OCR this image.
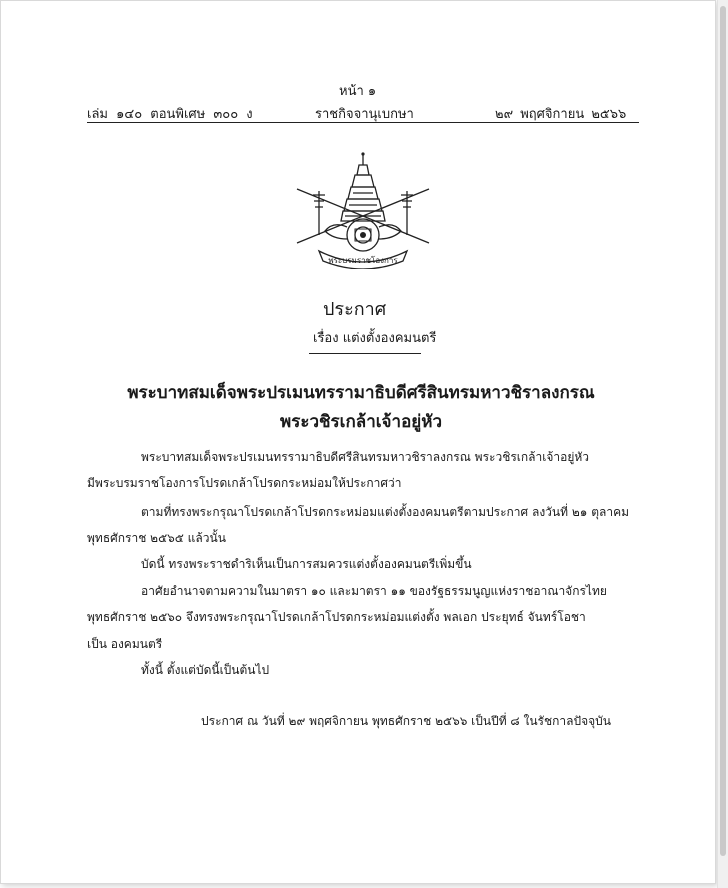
หน้า ๑
เล่ม ๑๔๐ ตอนพิเศษ ๓๐๐ ง	ราชกิจจานุเบกษา	๒๙ พฤศจิกายน ๒๕๖๖
พระบรมราชโองการ
ประกาศ
เรื่อง แต่งตั้งองคมนตรี
พระบาทสมเด็จพระปรเมนทรรามาธิบดีศรีสินทรมหาวชิราลงกรณ
พระวชิรเกล้าเจ้าอยู่หัว
พระบาทสมเด็จพระปรเมนทรรามาธิบดีศรีสินทรมหาวชิราลงกรณ พระวชิรเกล้าเจ้าอยู่หัว
มีพระบรมราชโองการโปรดเกล้าโปรดกระหม่อมให้ประกาศว่า
ตามที่ทรงพระกรุณาโปรดเกล้าโปรดกระหม่อมแต่งตั้งองคมนตรีตามประกาศ ลงวันที่ ๒๑ ตุลาคม
พุทธศักราช ๒๕๖๕ แล้วนั้น
บัดนี้ ทรงพระราชดำริเห็นเป็นการสมควรแต่งตั้งองคมนตรีเพิ่มขึ้น
อาศัยอำนาจตามความในมาตรา ๑๐ และมาตรา ๑๑ ของรัฐธรรมนูญแห่งราชอาณาจักรไทย
พุทธศักราช ๒๕๖๐ จึงทรงพระกรุณาโปรดเกล้าโปรดกระหม่อมแต่งตั้ง พลเอก ประยุทธ์ จันทร์โอชา
เป็น องคมนตรี
ทั้งนี้ ตั้งแต่บัดนี้เป็นต้นไป
ประกาศ ณ วันที่ ๒๙ พฤศจิกายน พุทธศักราช ๒๕๖๖ เป็นปีที่ ๘ ในรัชกาลปัจจุบัน
